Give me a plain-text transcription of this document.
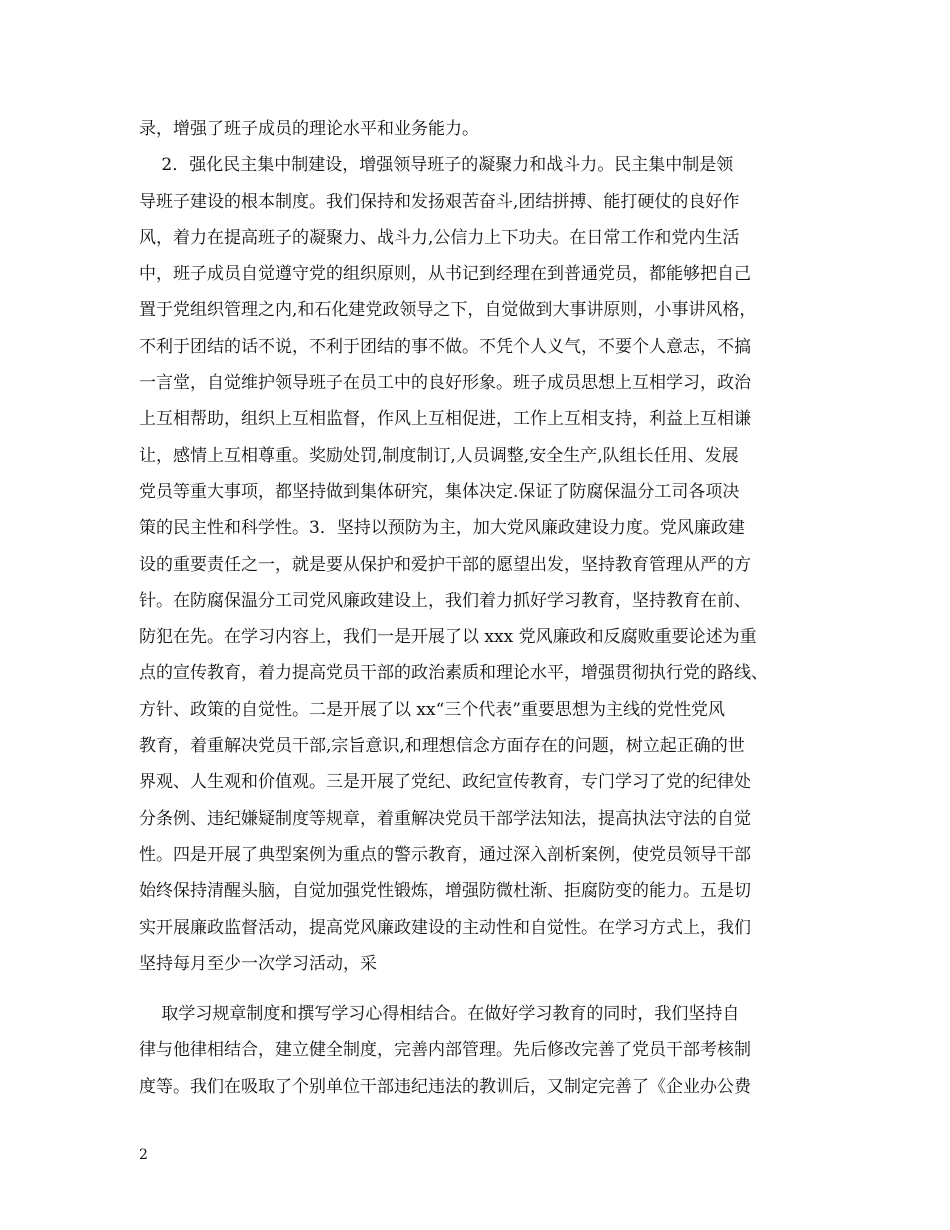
录，增强了班子成员的理论水平和业务能力。
　 2．强化民主集中制建设，增强领导班子的凝聚力和战斗力。民主集中制是领
导班子建设的根本制度。我们保持和发扬艰苦奋斗,团结拼搏、能打硬仗的良好作
风，着力在提高班子的凝聚力、战斗力,公信力上下功夫。在日常工作和党内生活
中，班子成员自觉遵守党的组织原则，从书记到经理在到普通党员，都能够把自己
置于党组织管理之内,和石化建党政领导之下，自觉做到大事讲原则，小事讲风格，
不利于团结的话不说，不利于团结的事不做。不凭个人义气，不要个人意志，不搞
一言堂，自觉维护领导班子在员工中的良好形象。班子成员思想上互相学习，政治
上互相帮助，组织上互相监督，作风上互相促进，工作上互相支持，利益上互相谦
让，感情上互相尊重。奖励处罚,制度制订,人员调整,安全生产,队组长任用、发展
党员等重大事项，都坚持做到集体研究，集体决定.保证了防腐保温分工司各项决
策的民主性和科学性。3．坚持以预防为主，加大党风廉政建设力度。党风廉政建
设的重要责任之一，就是要从保护和爱护干部的愿望出发，坚持教育管理从严的方
针。在防腐保温分工司党风廉政建设上，我们着力抓好学习教育，坚持教育在前、
防犯在先。在学习内容上，我们一是开展了以 xxx 党风廉政和反腐败重要论述为重
点的宣传教育，着力提高党员干部的政治素质和理论水平，增强贯彻执行党的路线、
方针、政策的自觉性。二是开展了以 xx“三个代表”重要思想为主线的党性党风
教育，着重解决党员干部,宗旨意识,和理想信念方面存在的问题，树立起正确的世
界观、人生观和价值观。三是开展了党纪、政纪宣传教育，专门学习了党的纪律处
分条例、违纪嫌疑制度等规章，着重解决党员干部学法知法，提高执法守法的自觉
性。四是开展了典型案例为重点的警示教育，通过深入剖析案例，使党员领导干部
始终保持清醒头脑，自觉加强党性锻炼，增强防微杜渐、拒腐防变的能力。五是切
实开展廉政监督活动，提高党风廉政建设的主动性和自觉性。在学习方式上，我们
坚持每月至少一次学习活动，采
　 取学习规章制度和撰写学习心得相结合。在做好学习教育的同时，我们坚持自
律与他律相结合，建立健全制度，完善内部管理。先后修改完善了党员干部考核制
度等。我们在吸取了个别单位干部违纪违法的教训后，又制定完善了《企业办公费
2
